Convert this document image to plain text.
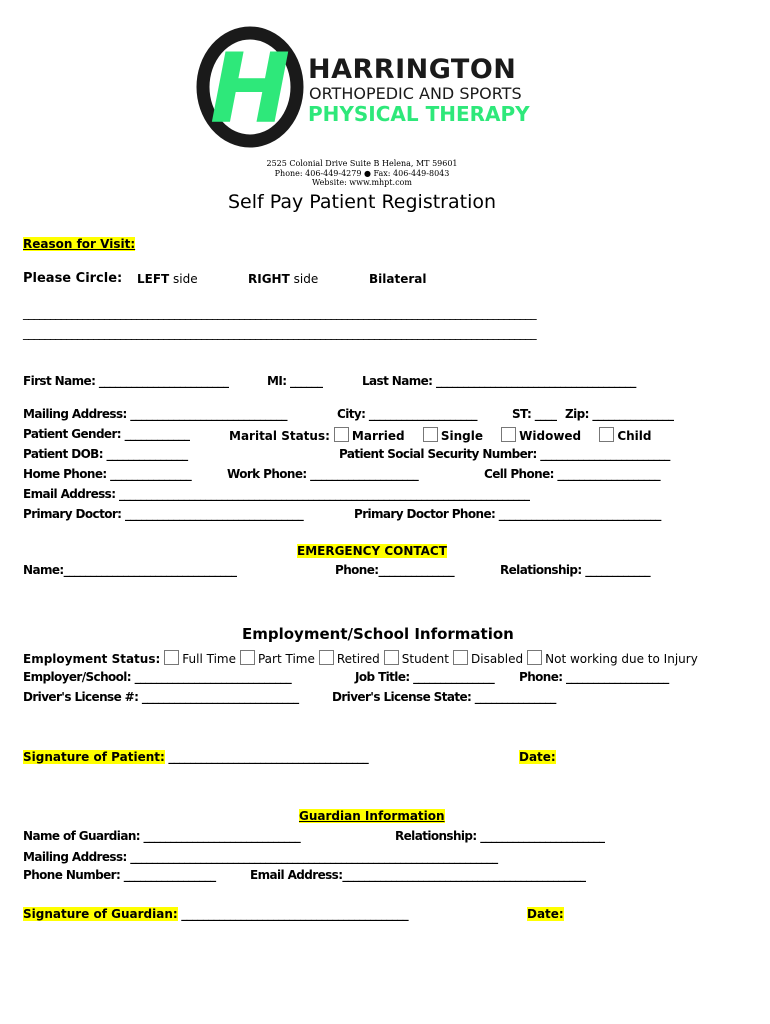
H HARRINGTON
ORTHOPEDIC AND SPORTS
PHYSICAL THERAPY
2525 Colonial Drive Suite B Helena, MT 59601
Phone: 406-449-4279 ● Fax: 406-449-8043
Website: www.mhpt.com
Self Pay Patient Registration
Reason for Visit:
Please Circle: LEFT side	RIGHT side	Bilateral
_______________________________________________________________________________________________
_______________________________________________________________________________________________
First Name: ________________________	MI: ______	Last Name: _____________________________________
Mailing Address: _____________________________	City: ____________________	ST: ____ Zip: _______________
Patient Gender: ____________	Marital Status: Married	Single	Widowed	Child
Patient DOB: _______________	Patient Social Security Number: ________________________
Home Phone: _______________	Work Phone: ____________________	Cell Phone: ___________________
Email Address: ____________________________________________________________________________
Primary Doctor: _________________________________	Primary Doctor Phone: ______________________________
EMERGENCY CONTACT
Name:________________________________	Phone:______________	Relationship: ____________
Employment/School Information
Employment Status: Full Time Part Time Retired Student Disabled Not working due to Injury
Employer/School: _____________________________	Job Title: _______________ Phone: ___________________
Driver's License #: _____________________________	Driver's License State: _______________
Signature of Patient: _____________________________________	Date:
Guardian Information
Name of Guardian: _____________________________	Relationship: _______________________
Mailing Address: ____________________________________________________________________
Phone Number: _________________	Email Address:_____________________________________________
Signature of Guardian: __________________________________________	Date:
